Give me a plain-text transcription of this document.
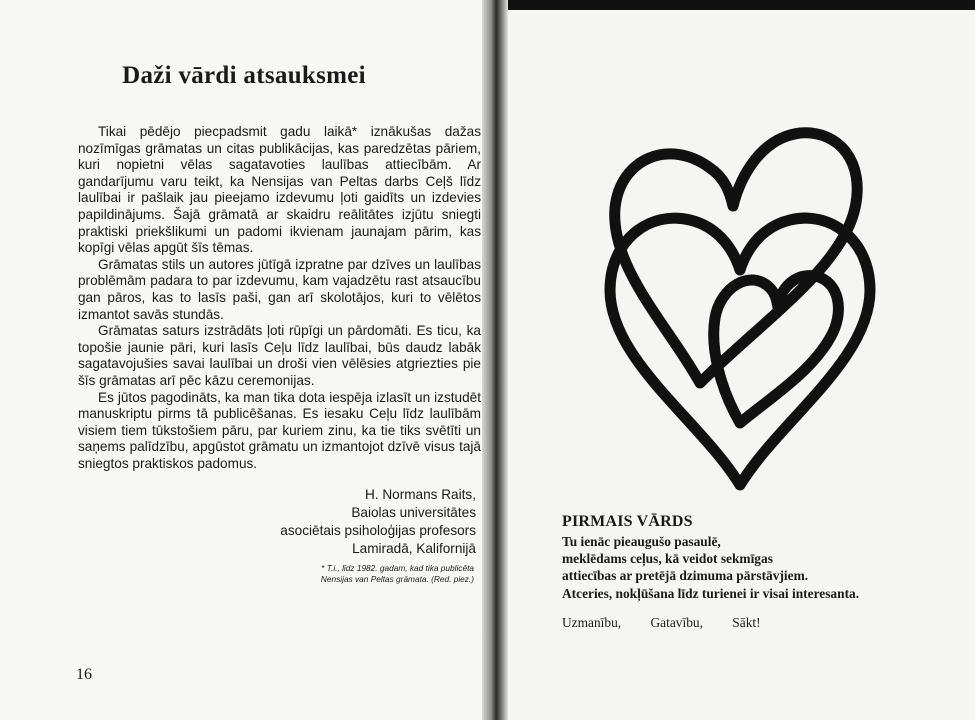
Daži vārdi atsauksmei

Tikai pēdējo piecpadsmit gadu laikā* iznākušas dažas nozīmīgas grāmatas un citas publikācijas, kas paredzētas pāriem, kuri nopietni vēlas sagatavoties laulības attiecībām. Ar gandarījumu varu teikt, ka Nensijas van Peltas darbs Ceļš līdz laulībai ir pašlaik jau pieejamo izdevumu ļoti gaidīts un izdevies papildinājums. Šajā grāmatā ar skaidru reālitātes izjūtu sniegti praktiski priekšlikumi un padomi ikvienam jaunajam pārim, kas kopīgi vēlas apgūt šīs tēmas.

Grāmatas stils un autores jūtīgā izpratne par dzīves un laulības problēmām padara to par izdevumu, kam vajadzētu rast atsaucību gan pāros, kas to lasīs paši, gan arī skolotājos, kuri to vēlētos izmantot savās stundās.

Grāmatas saturs izstrādāts ļoti rūpīgi un pārdomāti. Es ticu, ka topošie jaunie pāri, kuri lasīs Ceļu līdz laulībai, būs daudz labāk sagatavojušies savai laulībai un droši vien vēlēsies atgriezties pie šīs grāmatas arī pēc kāzu ceremonijas.

Es jūtos pagodināts, ka man tika dota iespēja izlasīt un izstudēt manuskriptu pirms tā publicēšanas. Es iesaku Ceļu līdz laulībām visiem tiem tūkstošiem pāru, par kuriem zinu, ka tie tiks svētīti un saņems palīdzību, apgūstot grāmatu un izmantojot dzīvē visus tajā sniegtos praktiskos padomus.

H. Normans Raits,
Baiolas universitātes
asociētais psiholoģijas profesors
Lamiradā, Kalifornijā
* T.i., līdz 1982. gadam, kad tika publicēta
Nensijas van Peltas grāmata. (Red. piez.)
16
PIRMAIS VĀRDS
Tu ienāc pieaugušo pasaulē,
meklēdams ceļus, kā veidot sekmīgas
attiecības ar pretējā dzimuma pārstāvjiem.
Atceries, nokļūšana līdz turienei ir visai interesanta.
Uzmanību, Gatavību, Sākt!
